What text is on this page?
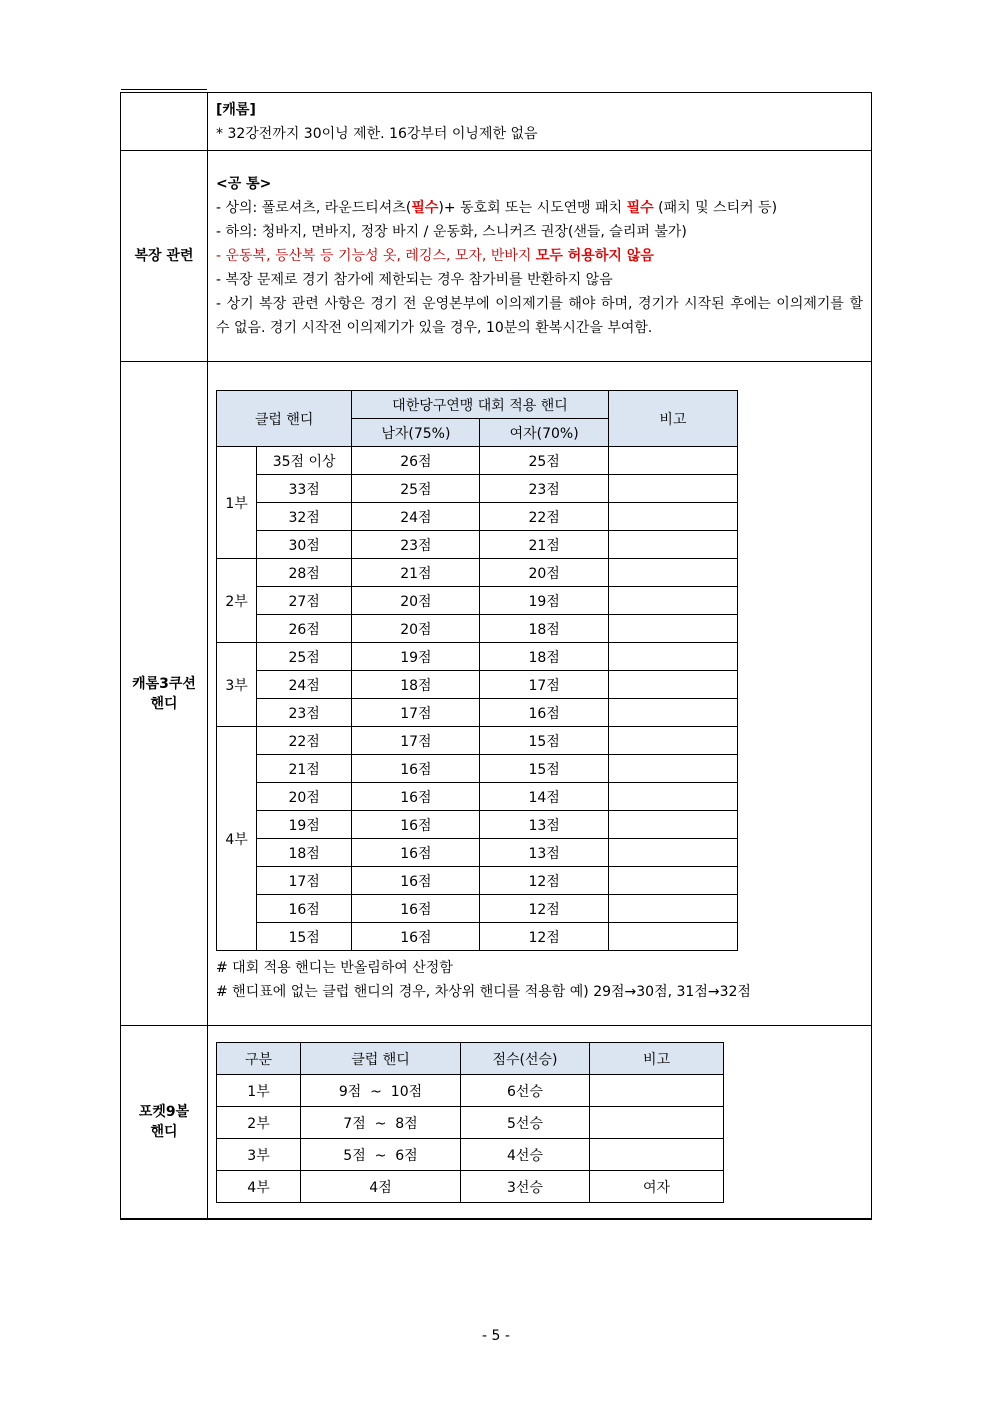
[캐롬]
* 32강전까지 30이닝 제한. 16강부터 이닝제한 없음

복장 관련	
<공 통>
- 상의: 폴로셔츠, 라운드티셔츠(필수)+ 동호회 또는 시도연맹 패치 필수 (패치 및 스티커 등)
- 하의: 청바지, 면바지, 정장 바지 / 운동화, 스니커즈 권장(샌들, 슬리퍼 불가)
- 운동복, 등산복 등 기능성 옷, 레깅스, 모자, 반바지 모두 허용하지 않음
- 복장 문제로 경기 참가에 제한되는 경우 참가비를 반환하지 않음
- 상기 복장 관련 사항은 경기 전 운영본부에 이의제기를 해야 하며, 경기가 시작된 후에는 이의제기를 할 수 없음. 경기 시작전 이의제기가 있을 경우, 10분의 환복시간을 부여함.

캐롬3쿠션
핸디

클럽 핸디	대한당구연맹 대회 적용 핸디	비고
남자(75%)	여자(70%)
1부	35점 이상	26점	25점	
33점	25점	23점	
32점	24점	22점	
30점	23점	21점	
2부	28점	21점	20점	
27점	20점	19점	
26점	20점	18점	
3부	25점	19점	18점	
24점	18점	17점	
23점	17점	16점	
4부	22점	17점	15점	
21점	16점	15점	
20점	16점	14점	
19점	16점	13점	
18점	16점	13점	
17점	16점	12점	
16점	16점	12점	
15점	16점	12점	
# 대회 적용 핸디는 반올림하여 산정함
# 핸디표에 없는 클럽 핸디의 경우, 차상위 핸디를 적용함 예) 29점→30점, 31점→32점

포켓9볼
핸디

구분	클럽 핸디	점수(선승)	비고
1부	9점  ~  10점	6선승	
2부	7점  ~  8점	5선승	
3부	5점  ~  6점	4선승	
4부	4점	3선승	여자
- 5 -
